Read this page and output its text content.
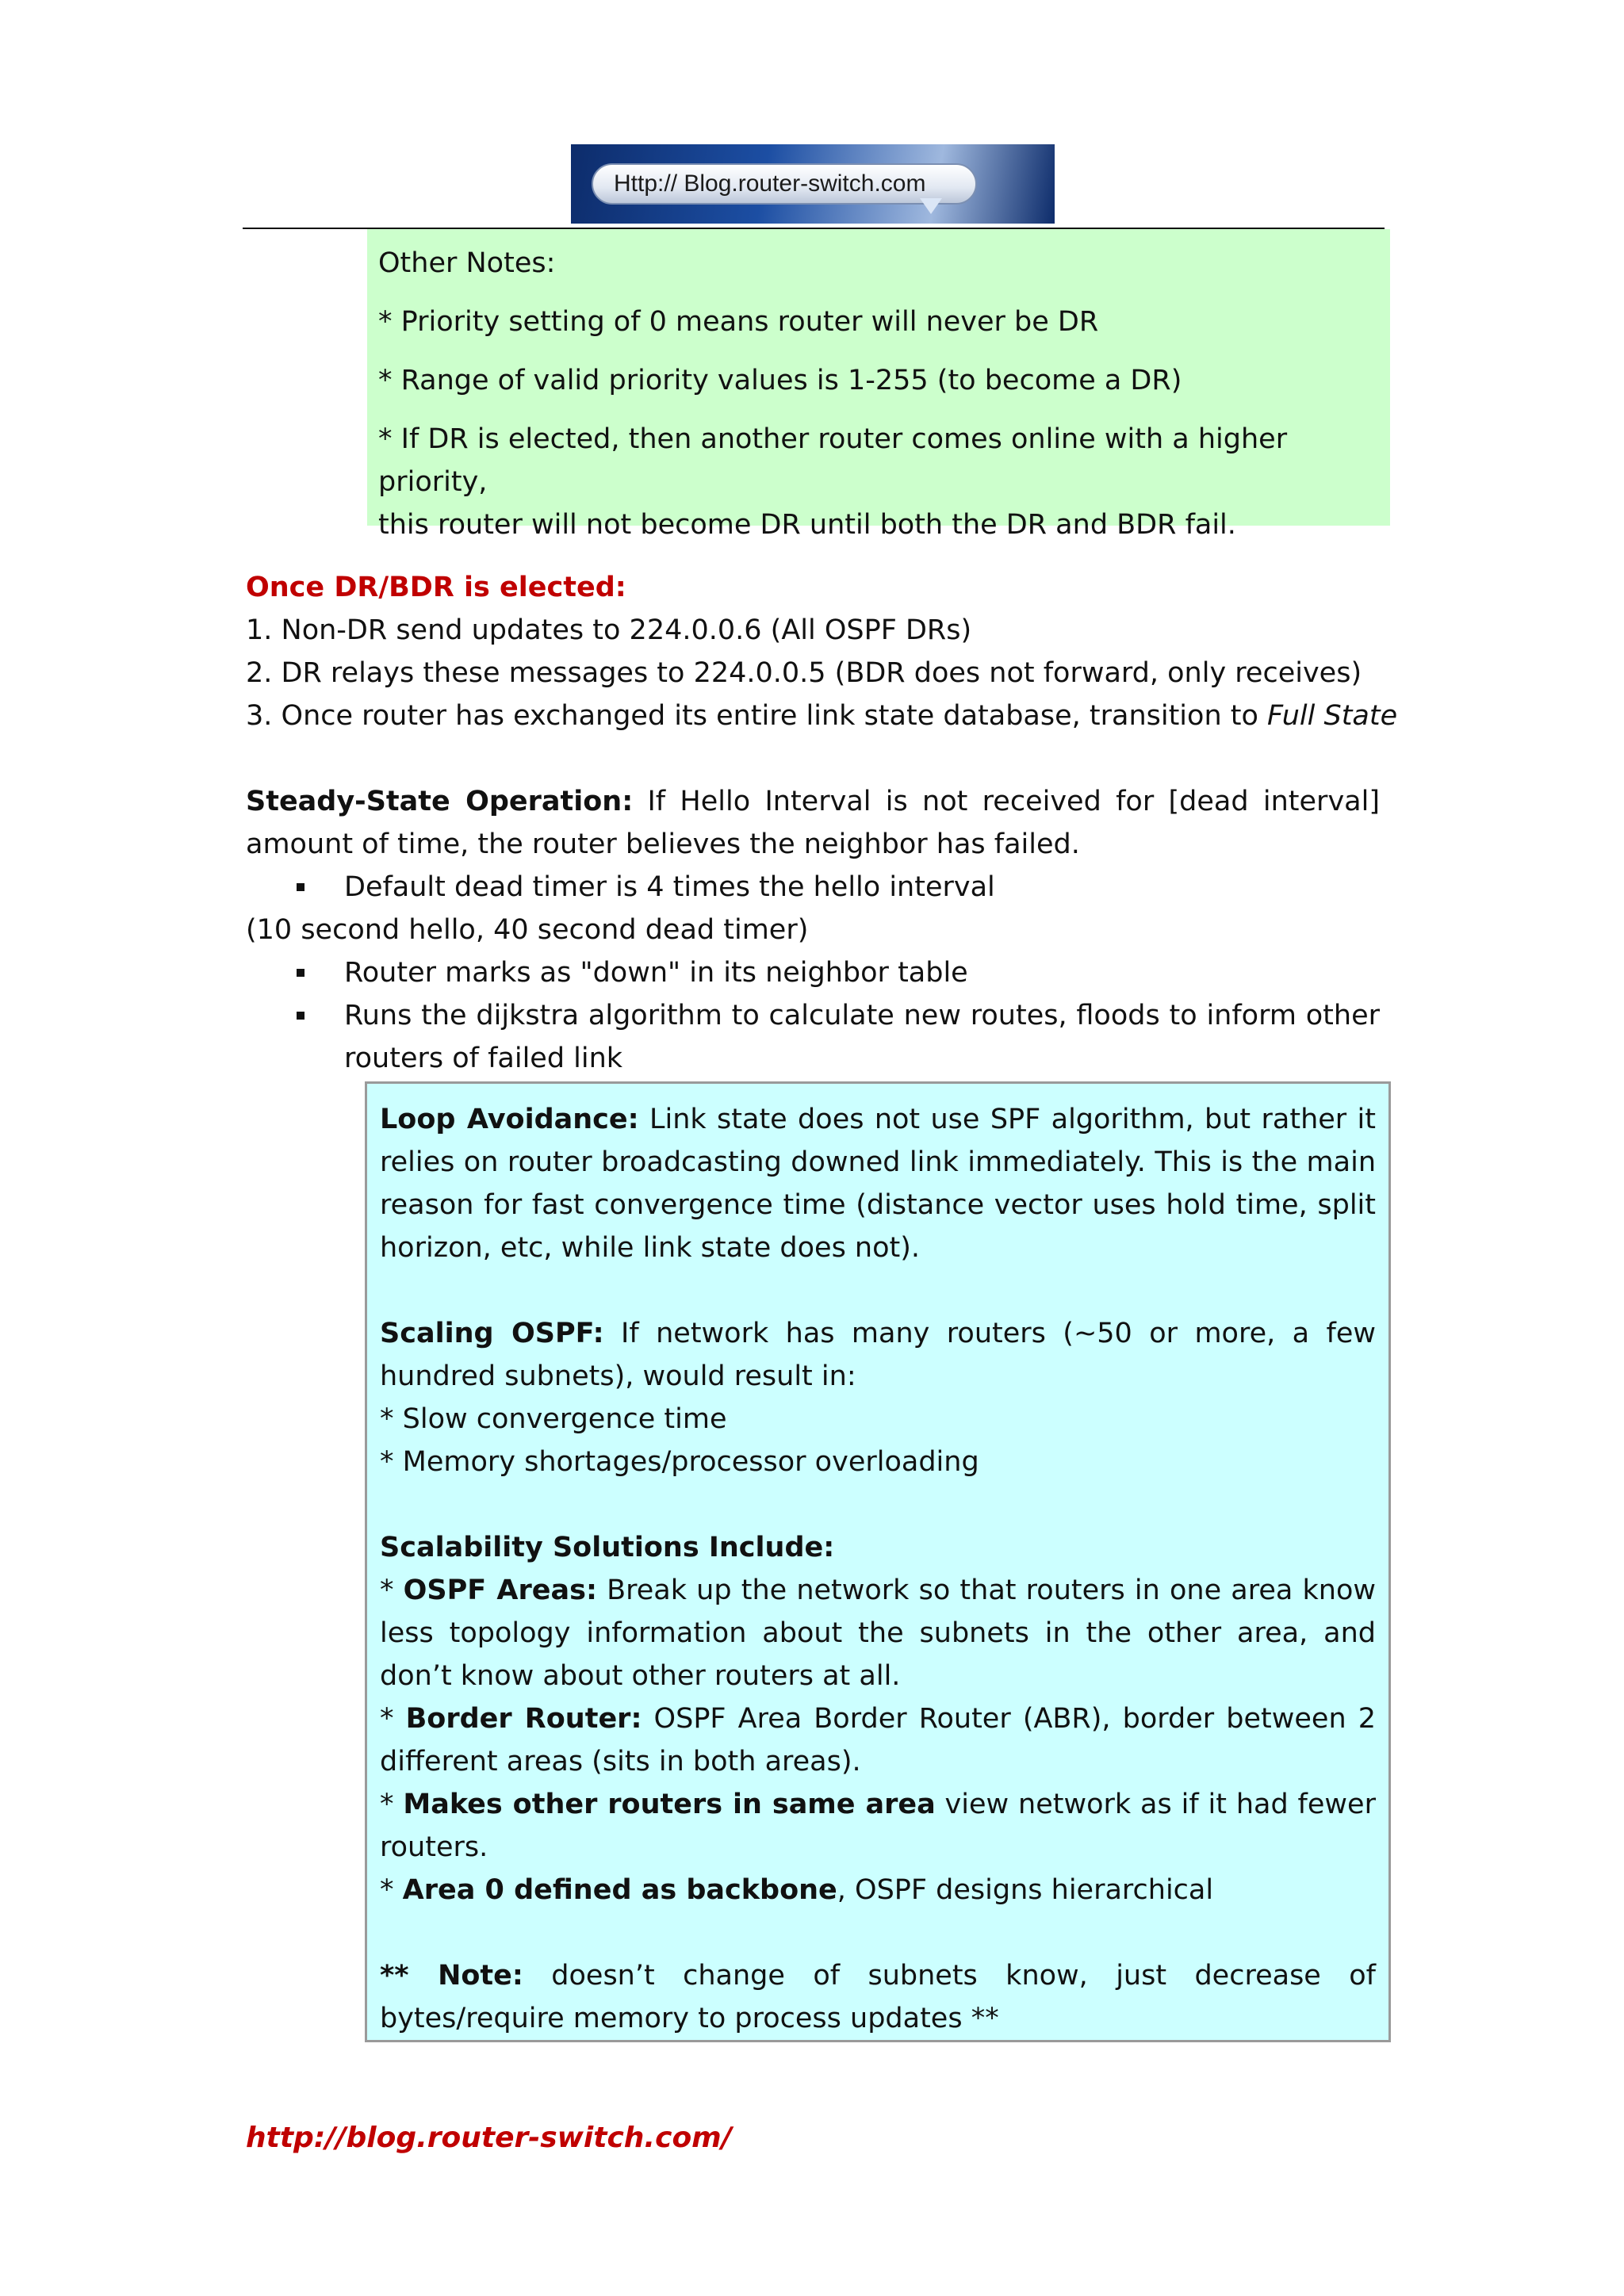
Http:// Blog.router-switch.com

Other Notes:

* Priority setting of 0 means router will never be DR

* Range of valid priority values is 1-255 (to become a DR)

* If DR is elected, then another router comes online with a higher priority,
this router will not become DR until both the DR and BDR fail.

Once DR/BDR is elected:

1. Non-DR send updates to 224.0.0.6 (All OSPF DRs)

2. DR relays these messages to 224.0.0.5 (BDR does not forward, only receives)

3. Once router has exchanged its entire link state database, transition to Full State

Steady-State Operation: If Hello Interval is not received for [dead interval] amount of time, the router believes the neighbor has failed.

Default dead timer is 4 times the hello interval

(10 second hello, 40 second dead timer)

Router marks as "down" in its neighbor table
Runs the dijkstra algorithm to calculate new routes, floods to inform other routers of failed link

Loop Avoidance: Link state does not use SPF algorithm, but rather it relies on router broadcasting downed link immediately. This is the main reason for fast convergence time (distance vector uses hold time, split horizon, etc, while link state does not).

Scaling OSPF: If network has many routers (~50 or more, a few hundred subnets), would result in:

* Slow convergence time

* Memory shortages/processor overloading

Scalability Solutions Include:

* OSPF Areas: Break up the network so that routers in one area know less topology information about the subnets in the other area, and don’t know about other routers at all.

* Border Router: OSPF Area Border Router (ABR), border between 2 different areas (sits in both areas).

* Makes other routers in same area view network as if it had fewer routers.

* Area 0 defined as backbone, OSPF designs hierarchical

** Note: doesn’t change of subnets know, just decrease of bytes/require memory to process updates **

http://blog.router-switch.com/
